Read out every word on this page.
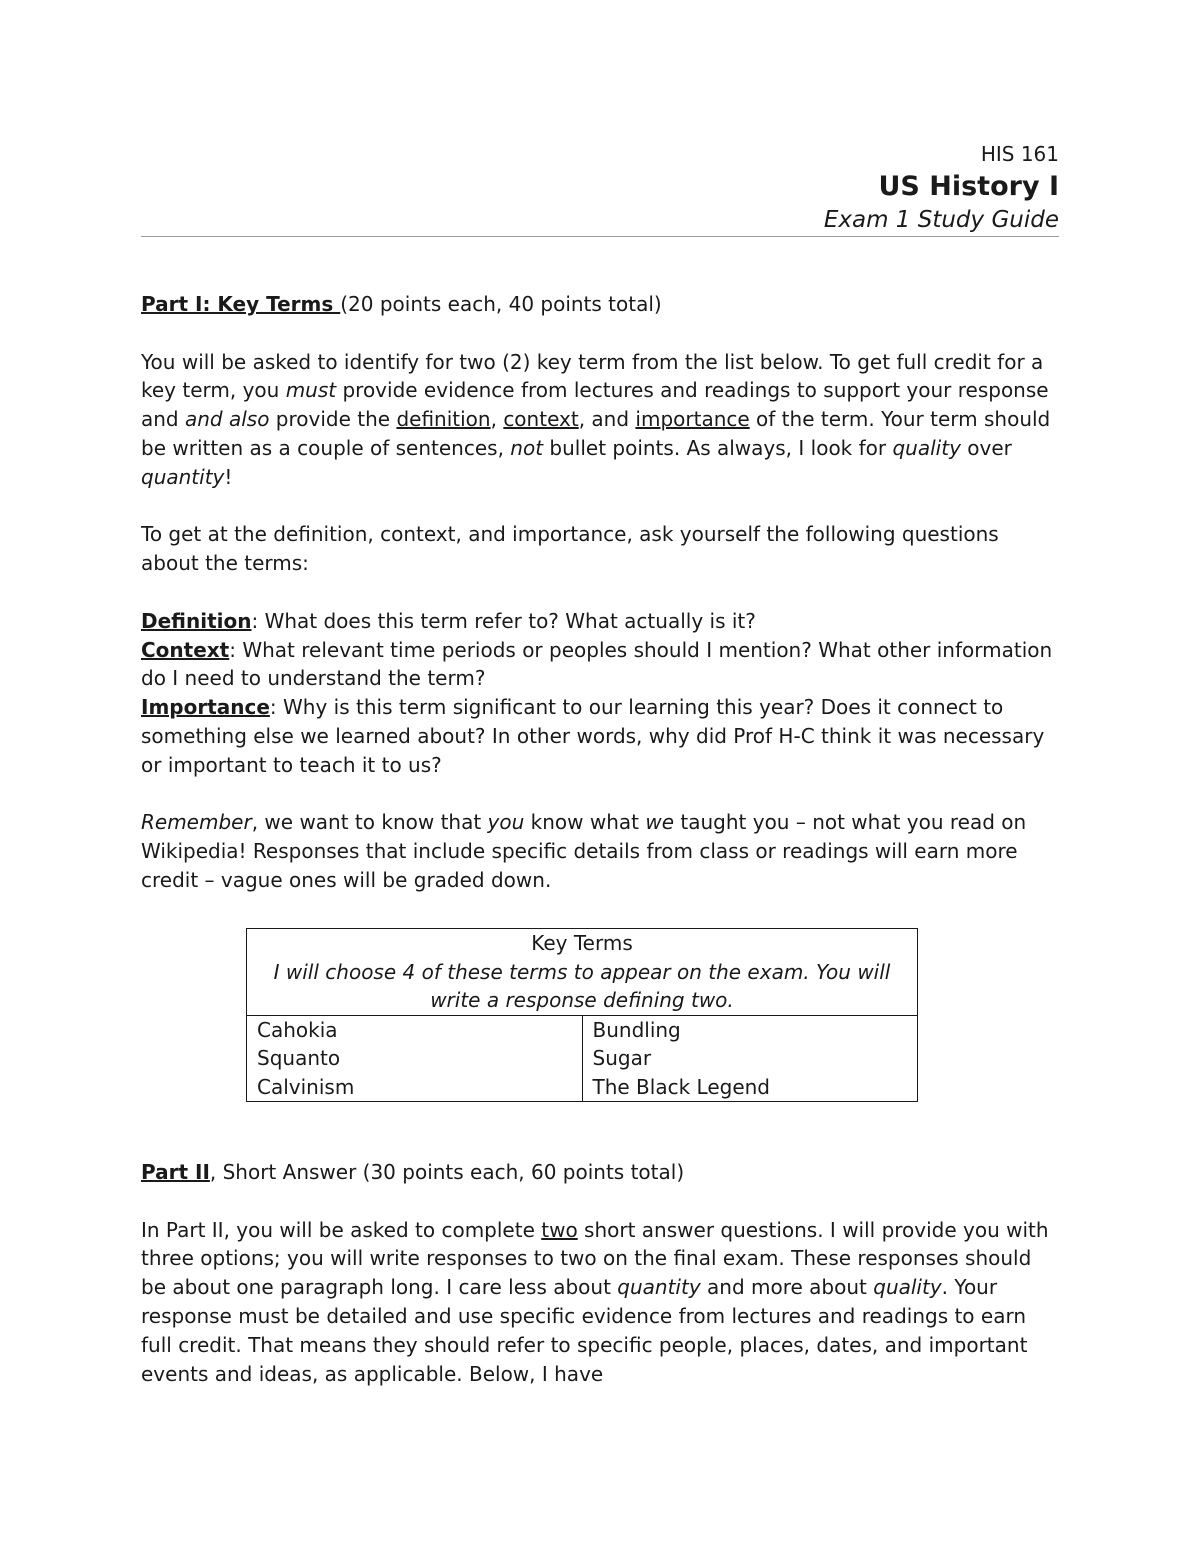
HIS 161
US History I
Exam 1 Study Guide

Part I: Key Terms (20 points each, 40 points total)

You will be asked to identify for two (2) key term from the list below. To get full credit for a key term, you must provide evidence from lectures and readings to support your response and and also provide the definition, context, and importance of the term. Your term should be written as a couple of sentences, not bullet points. As always, I look for quality over quantity!

To get at the definition, context, and importance, ask yourself the following questions about the terms:

Definition: What does this term refer to? What actually is it?

Context: What relevant time periods or peoples should I mention? What other information do I need to understand the term?

Importance: Why is this term significant to our learning this year? Does it connect to something else we learned about? In other words, why did Prof H-C think it was necessary or important to teach it to us?

Remember, we want to know that you know what we taught you – not what you read on Wikipedia! Responses that include specific details from class or readings will earn more credit – vague ones will be graded down.

Key Terms
I will choose 4 of these terms to appear on the exam. You will write a response defining two.

Cahokia
Squanto
Calvinism

Bundling
Sugar
The Black Legend

Part II, Short Answer (30 points each, 60 points total)

In Part II, you will be asked to complete two short answer questions. I will provide you with three options; you will write responses to two on the final exam. These responses should be about one paragraph long. I care less about quantity and more about quality. Your response must be detailed and use specific evidence from lectures and readings to earn full credit. That means they should refer to specific people, places, dates, and important events and ideas, as applicable. Below, I have
